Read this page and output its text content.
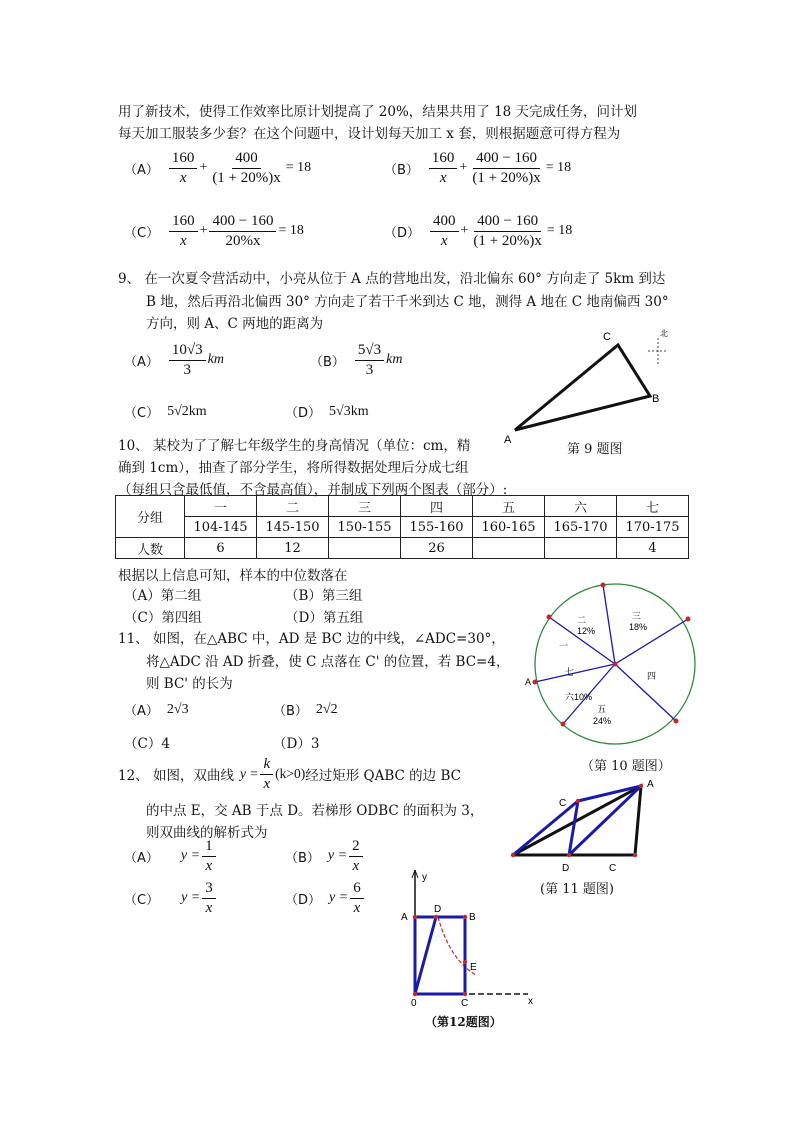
用了新技术，使得工作效率比原计划提高了 20%，结果共用了 18 天完成任务，问计划
每天加工服装多少套？在这个问题中，设计划每天加工 x 套，则根据题意可得方程为
$(A) \frac{160}{x} + \frac{400}{(1 + 20\%)x} = 18$	$(B) \frac{160}{x} + \frac{400 - 160}{(1 + 20\%)x} = 18$
$(C) \frac{160}{x} + \frac{400 - 160}{20\%x} = 18$	$(D) \frac{400}{x} + \frac{400 - 160}{(1 + 20\%)x} = 18$
9、 在一次夏令营活动中，小亮从位于 A 点的营地出发，沿北偏东 60° 方向走了 5km 到达
B 地，然后再沿北偏西 30° 方向走了若干千米到达 C 地，测得 A 地在 C 地南偏西 30°
方向，则 A、C 两地的距离为
$(A) \frac{10√3}{3}$ km	$(B) \frac{5√3}{3}$ km
（C） 5√2km	（D） 5√3km
C
B
A
北
第 9 题图
10、 某校为了了解七年级学生的身高情况（单位：cm，精
确到 1cm），抽查了部分学生，将所得数据处理后分成七组
（每组只含最低值，不含最高值），并制成下列两个图表（部分）:
分组	一	二	三	四	五	六	七
	104-145	145-150	150-155	155-160	160-165	165-170	170-175
人数	6	12		26			4
根据以上信息可知，样本的中位数落在
（A）第二组	（B）第三组
（C）第四组	（D）第五组	二
12%
三
18%
一
七	四
六10%
五
24%
A
（第 10 题图）
11、 如图，在△ABC 中，AD 是 BC 边的中线，∠ADC=30°，
将△ADC 沿 AD 折叠，使 C 点落在 C' 的位置，若 BC=4，
则 BC' 的长为
（A） 2√3	（B） 2√2
（C）4	（D）3
A
C
D	C
(第 11 题图)
12、 如图，双曲线 $y = \frac{k}{x} (k>0)$ 经过矩形 QABC 的边 BC
的中点 E，交 AB 于点 D。若梯形 ODBC 的面积为 3，
则双曲线的解析式为
（A） $y = \frac{1}{x}$	（B） $y = \frac{2}{x}$
（C） $y = \frac{3}{x}$	（D） $y = \frac{6}{x}$
y
x
A
D
B
E
0	C
（第12题图）
